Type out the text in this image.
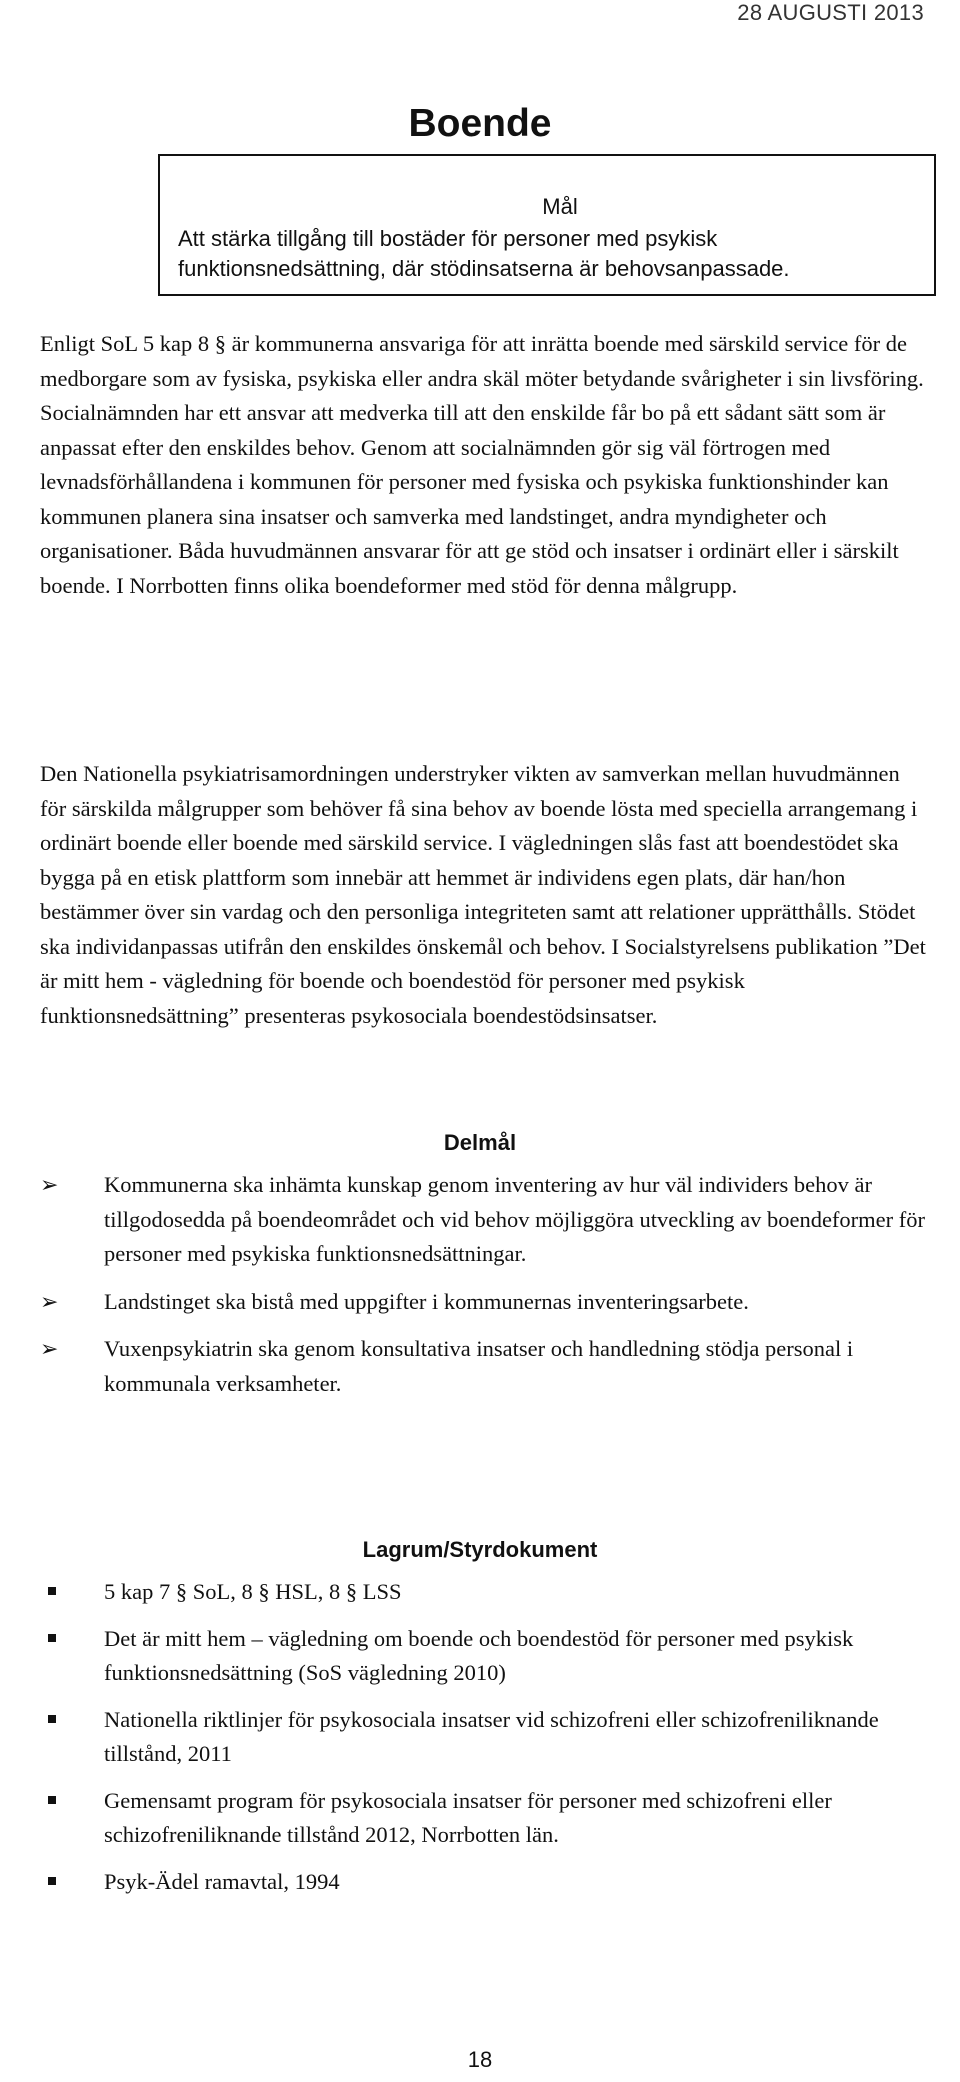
28 AUGUSTI 2013
Boende
Mål

Att stärka tillgång till bostäder för personer med psykisk funktionsnedsättning, där stödinsatserna är behovsanpassade.

Enligt SoL 5 kap 8 § är kommunerna ansvariga för att inrätta boende med särskild service för de medborgare som av fysiska, psykiska eller andra skäl möter betydande svårigheter i sin livsföring. Socialnämnden har ett ansvar att medverka till att den enskilde får bo på ett sådant sätt som är anpassat efter den enskildes behov. Genom att socialnämnden gör sig väl förtrogen med levnadsförhållandena i kommunen för personer med fysiska och psykiska funktionshinder kan kommunen planera sina insatser och samverka med landstinget, andra myndigheter och organisationer. Båda huvudmännen ansvarar för att ge stöd och insatser i ordinärt eller i särskilt boende. I Norrbotten finns olika boendeformer med stöd för denna målgrupp.

Den Nationella psykiatrisamordningen understryker vikten av samverkan mellan huvudmännen för särskilda målgrupper som behöver få sina behov av boende lösta med speciella arrangemang i ordinärt boende eller boende med särskild service. I vägledningen slås fast att boendestödet ska bygga på en etisk plattform som innebär att hemmet är individens egen plats, där han/hon bestämmer över sin vardag och den personliga integriteten samt att relationer upprätthålls. Stödet ska individanpassas utifrån den enskildes önskemål och behov. I Socialstyrelsens publikation ”Det är mitt hem - vägledning för boende och boendestöd för personer med psykisk funktionsnedsättning” presenteras psykosociala boendestödsinsatser.

Delmål
➢ Kommunerna ska inhämta kunskap genom inventering av hur väl individers behov är tillgodosedda på boendeområdet och vid behov möjliggöra utveckling av boendeformer för personer med psykiska funktionsnedsättningar.
➢ Landstinget ska bistå med uppgifter i kommunernas inventeringsarbete.
➢ Vuxenpsykiatrin ska genom konsultativa insatser och handledning stödja personal i kommunala verksamheter.
Lagrum/Styrdokument
5 kap 7 § SoL, 8 § HSL, 8 § LSS
Det är mitt hem – vägledning om boende och boendestöd för personer med psykisk funktionsnedsättning (SoS vägledning 2010)
Nationella riktlinjer för psykosociala insatser vid schizofreni eller schizofreniliknande tillstånd, 2011
Gemensamt program för psykosociala insatser för personer med schizofreni eller schizofreniliknande tillstånd 2012, Norrbotten län.
Psyk-Ädel ramavtal, 1994
18
